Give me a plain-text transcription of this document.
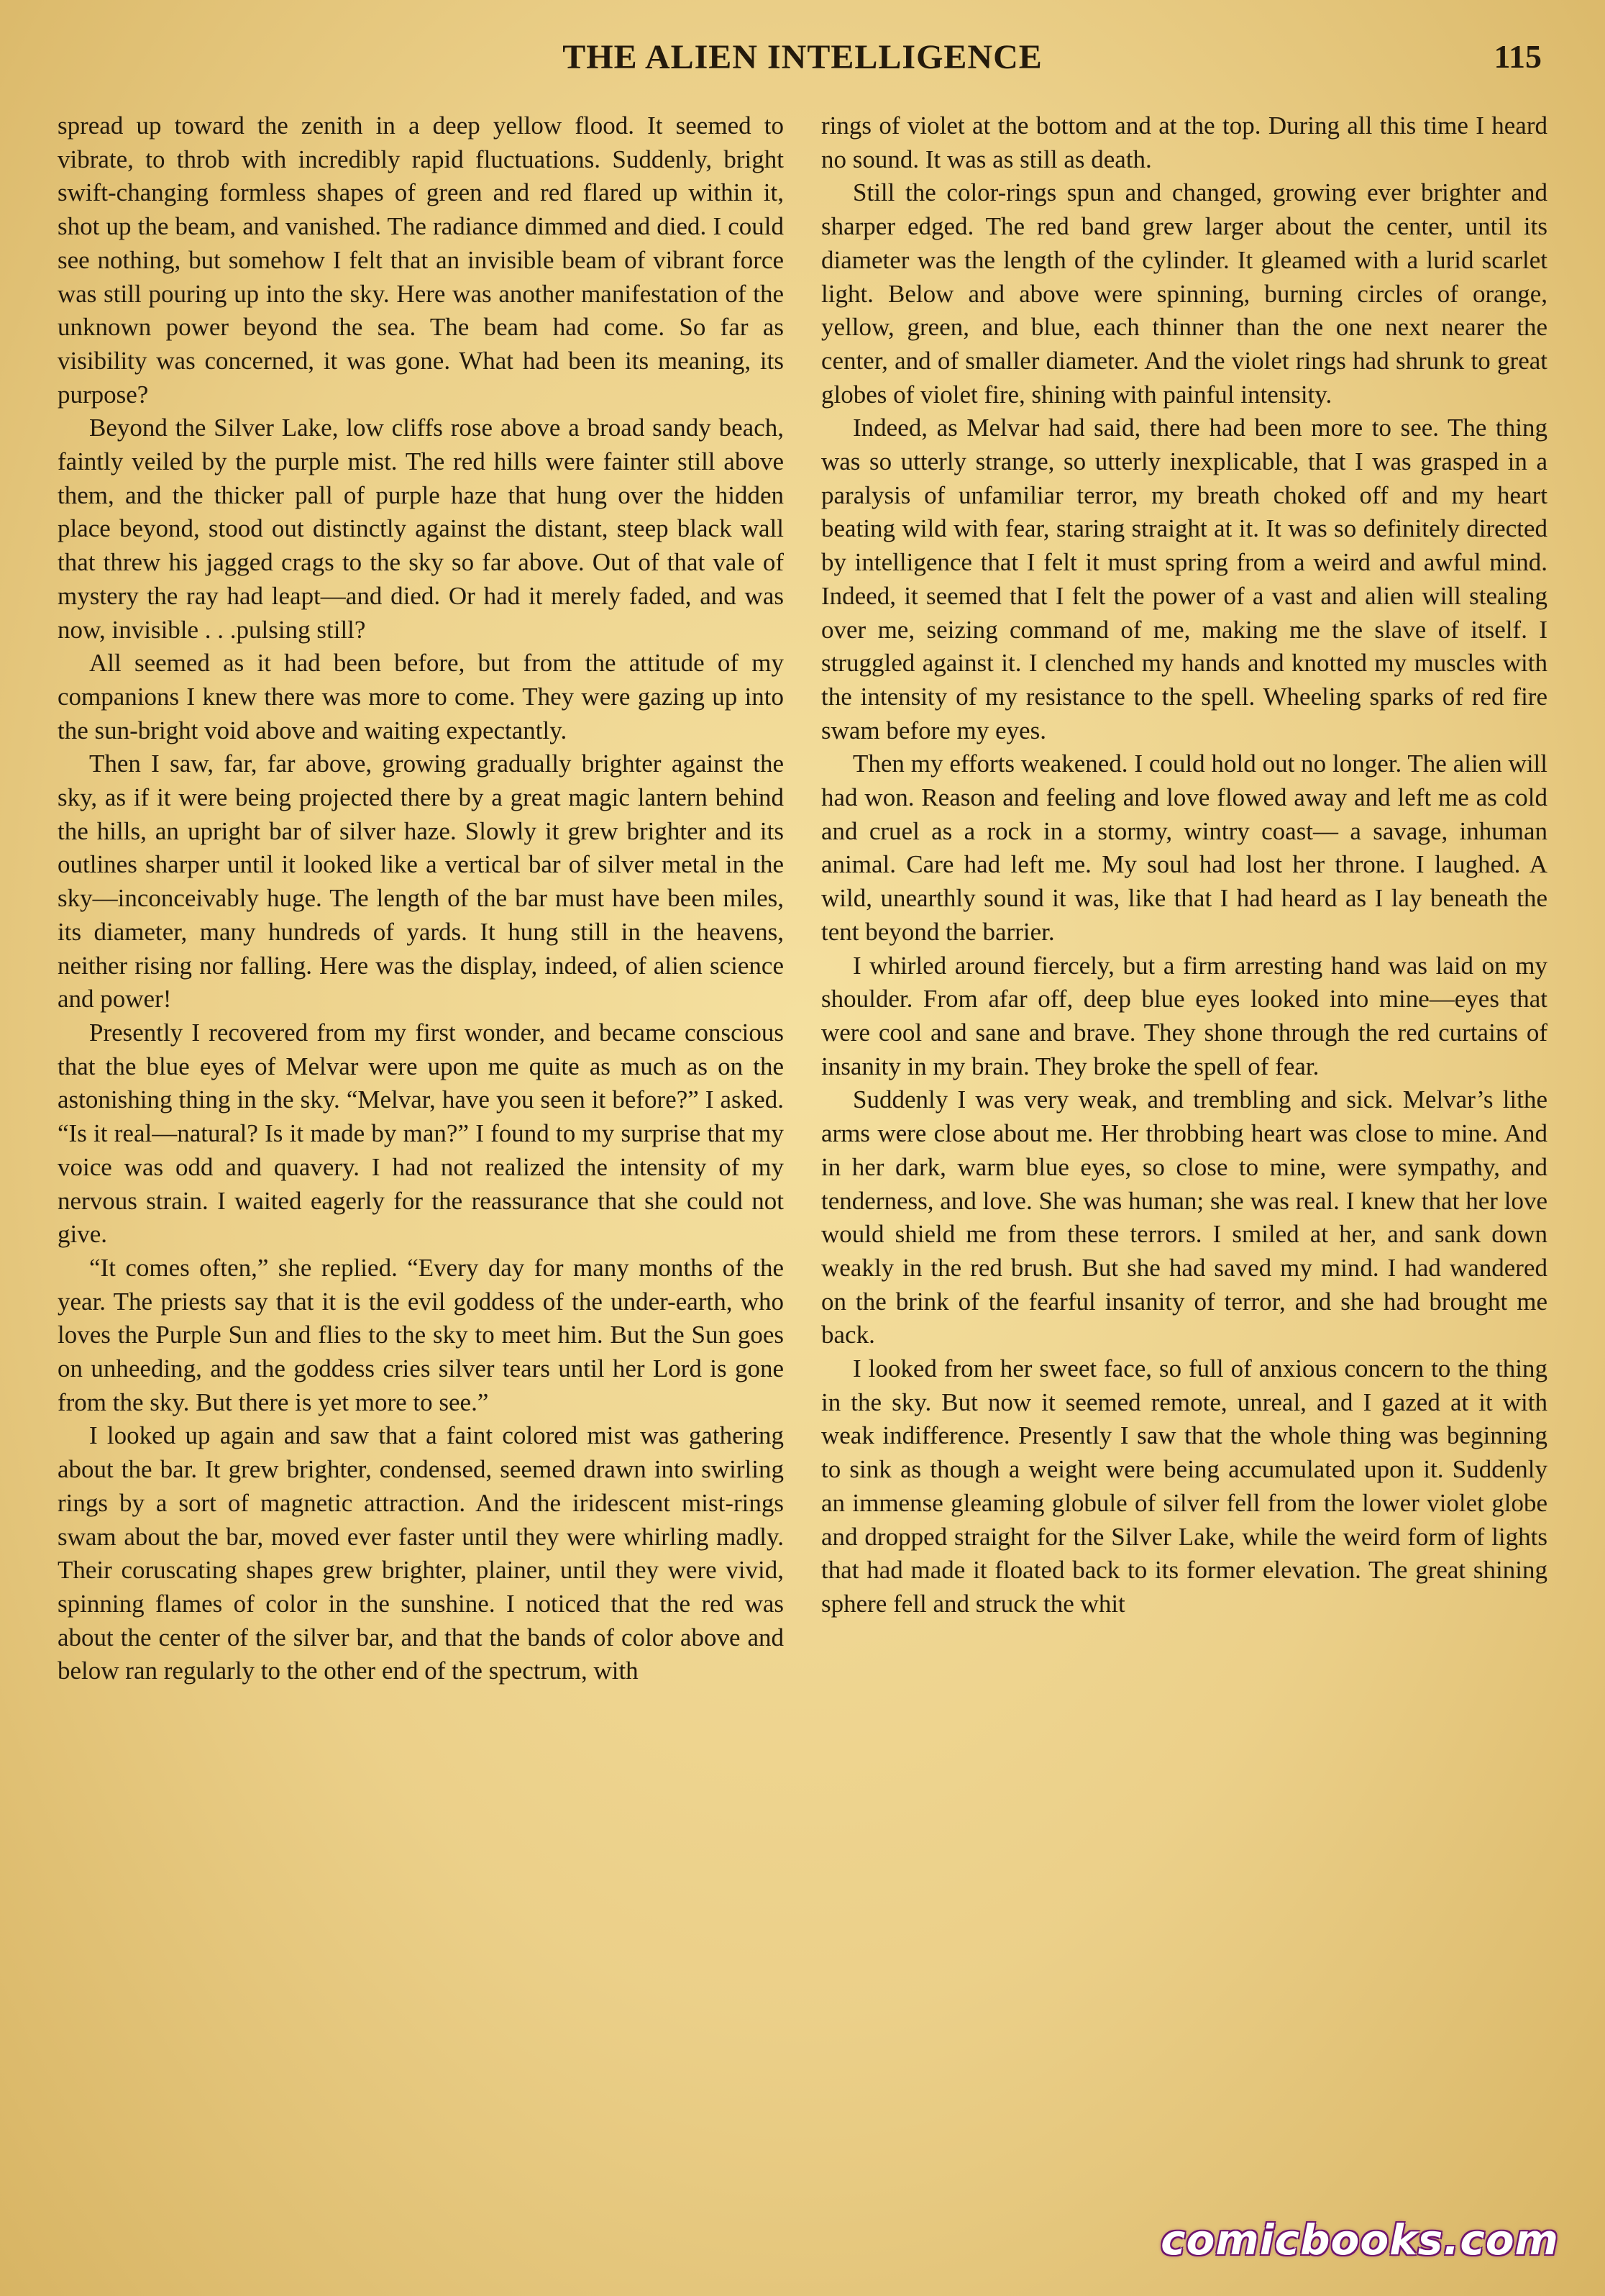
THE ALIEN INTELLIGENCE	115

spread up toward the zenith in a deep yellow flood. It seemed to vibrate, to throb with incredibly rapid fluctuations. Suddenly, bright swift-changing formless shapes of green and red flared up within it, shot up the beam, and vanished. The radiance dimmed and died. I could see nothing, but somehow I felt that an invisible beam of vibrant force was still pouring up into the sky. Here was another manifestation of the unknown power beyond the sea. The beam had come. So far as visibility was concerned, it was gone. What had been its meaning, its purpose?

Beyond the Silver Lake, low cliffs rose above a broad sandy beach, faintly veiled by the purple mist. The red hills were fainter still above them, and the thicker pall of purple haze that hung over the hidden place beyond, stood out distinctly against the distant, steep black wall that threw his jagged crags to the sky so far above. Out of that vale of mystery the ray had leapt—and died. Or had it merely faded, and was now, invisible . . .pulsing still?

All seemed as it had been before, but from the attitude of my companions I knew there was more to come. They were gazing up into the sun-bright void above and waiting expectantly.

Then I saw, far, far above, growing gradually brighter against the sky, as if it were being projected there by a great magic lantern behind the hills, an upright bar of silver haze. Slowly it grew brighter and its outlines sharper until it looked like a vertical bar of silver metal in the sky—inconceivably huge. The length of the bar must have been miles, its diameter, many hundreds of yards. It hung still in the heavens, neither rising nor falling. Here was the display, indeed, of alien science and power!

Presently I recovered from my first wonder, and became conscious that the blue eyes of Melvar were upon me quite as much as on the astonishing thing in the sky. “Melvar, have you seen it before?” I asked. “Is it real—natural? Is it made by man?” I found to my surprise that my voice was odd and quavery. I had not realized the intensity of my nervous strain. I waited eagerly for the reassurance that she could not give.

“It comes often,” she replied. “Every day for many months of the year. The priests say that it is the evil goddess of the under-earth, who loves the Purple Sun and flies to the sky to meet him. But the Sun goes on unheeding, and the goddess cries silver tears until her Lord is gone from the sky. But there is yet more to see.”

I looked up again and saw that a faint colored mist was gathering about the bar. It grew brighter, condensed, seemed drawn into swirling rings by a sort of magnetic attraction. And the iridescent mist-rings swam about the bar, moved ever faster until they were whirling madly. Their coruscating shapes grew brighter, plainer, until they were vivid, spinning flames of color in the sunshine. I noticed that the red was about the center of the silver bar, and that the bands of color above and below ran regularly to the other end of the spectrum, with

rings of violet at the bottom and at the top. During all this time I heard no sound. It was as still as death.

Still the color-rings spun and changed, growing ever brighter and sharper edged. The red band grew larger about the center, until its diameter was the length of the cylinder. It gleamed with a lurid scarlet light. Below and above were spinning, burning circles of orange, yellow, green, and blue, each thinner than the one next nearer the center, and of smaller diameter. And the violet rings had shrunk to great globes of violet fire, shining with painful intensity.

Indeed, as Melvar had said, there had been more to see. The thing was so utterly strange, so utterly inexplicable, that I was grasped in a paralysis of unfamiliar terror, my breath choked off and my heart beating wild with fear, staring straight at it. It was so definitely directed by intelligence that I felt it must spring from a weird and awful mind. Indeed, it seemed that I felt the power of a vast and alien will stealing over me, seizing command of me, making me the slave of itself. I struggled against it. I clenched my hands and knotted my muscles with the intensity of my resistance to the spell. Wheeling sparks of red fire swam before my eyes.

Then my efforts weakened. I could hold out no longer. The alien will had won. Reason and feeling and love flowed away and left me as cold and cruel as a rock in a stormy, wintry coast— a savage, inhuman animal. Care had left me. My soul had lost her throne. I laughed. A wild, unearthly sound it was, like that I had heard as I lay beneath the tent beyond the barrier.

I whirled around fiercely, but a firm arresting hand was laid on my shoulder. From afar off, deep blue eyes looked into mine—eyes that were cool and sane and brave. They shone through the red curtains of insanity in my brain. They broke the spell of fear.

Suddenly I was very weak, and trembling and sick. Melvar’s lithe arms were close about me. Her throbbing heart was close to mine. And in her dark, warm blue eyes, so close to mine, were sympathy, and tenderness, and love. She was human; she was real. I knew that her love would shield me from these terrors. I smiled at her, and sank down weakly in the red brush. But she had saved my mind. I had wandered on the brink of the fearful insanity of terror, and she had brought me back.

I looked from her sweet face, so full of anxious concern to the thing in the sky. But now it seemed remote, unreal, and I gazed at it with weak indifference. Presently I saw that the whole thing was beginning to sink as though a weight were being accumulated upon it. Suddenly an immense gleaming globule of silver fell from the lower violet globe and dropped straight for the Silver Lake, while the weird form of lights that had made it floated back to its former elevation. The great shining sphere fell and struck the whit

comicbooks.com
